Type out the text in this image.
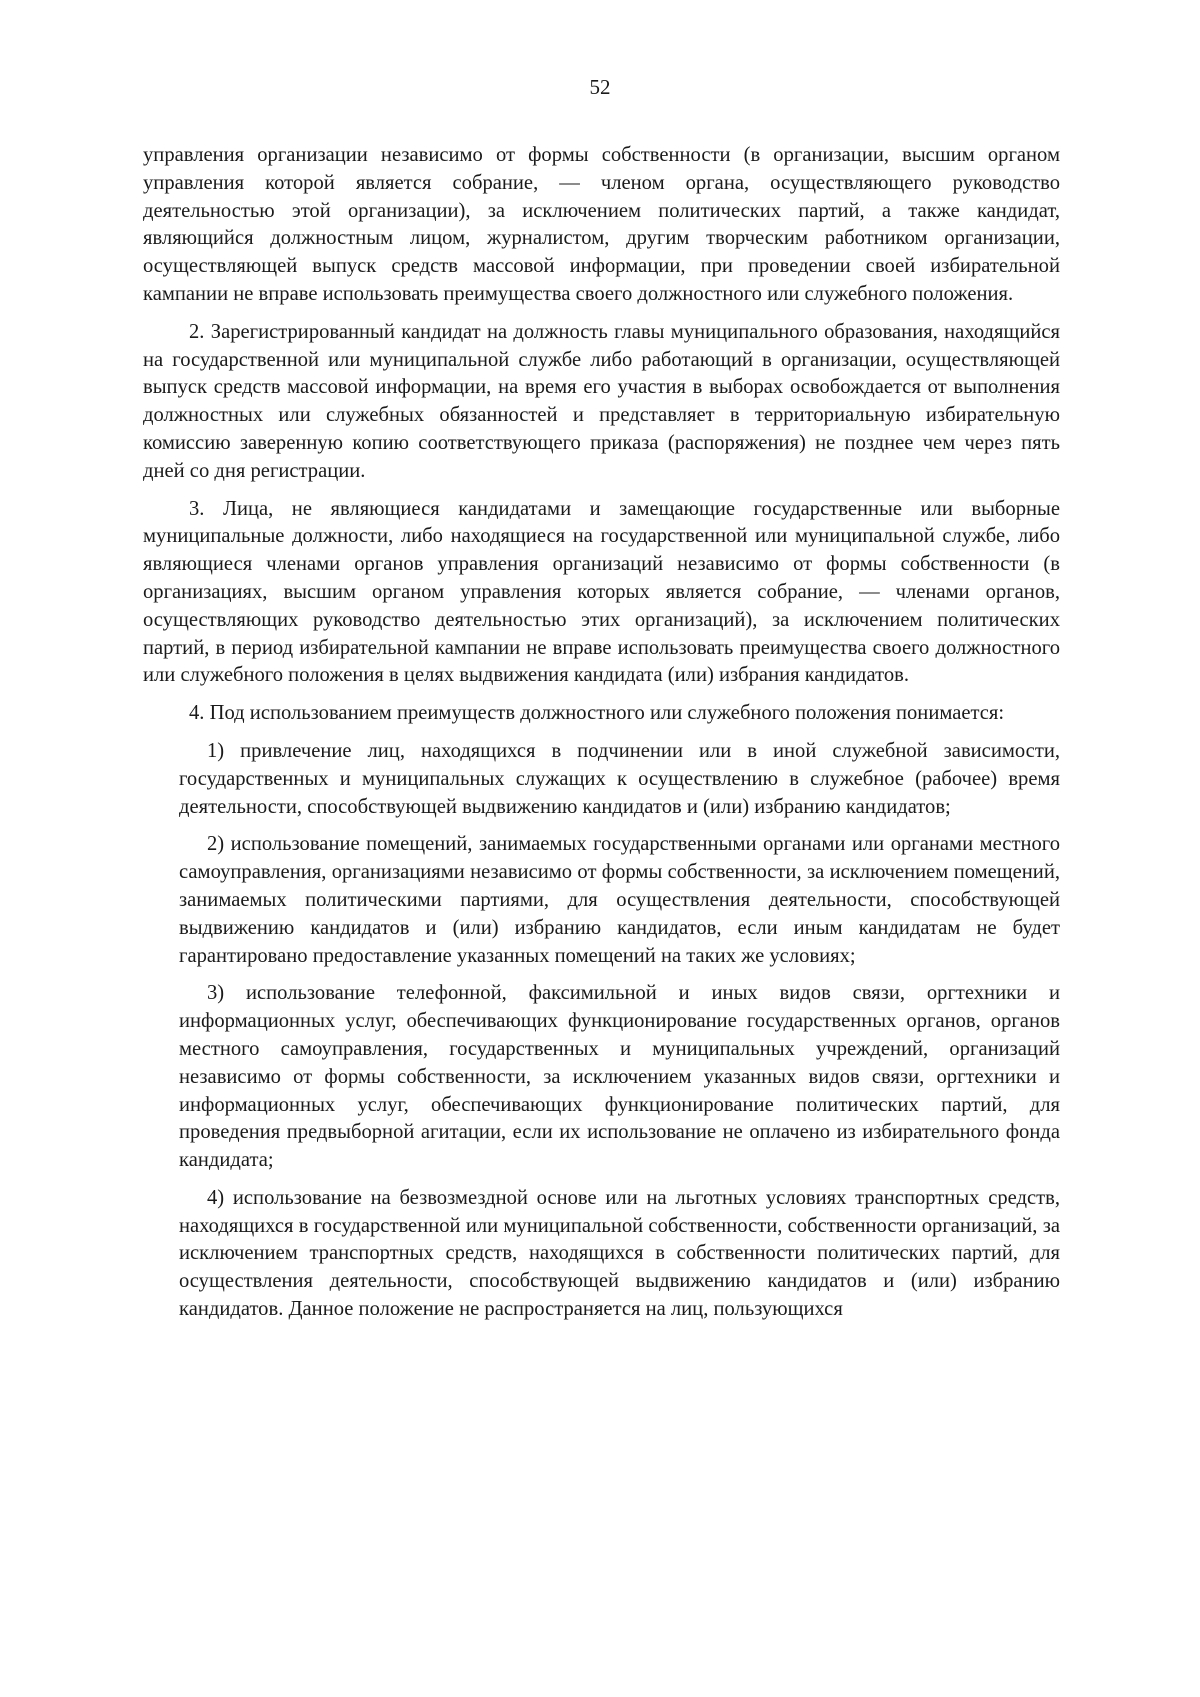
52

управления организации независимо от формы собственности (в организации, высшим органом управления которой является собрание, — членом органа, осуществляющего руководство деятельностью этой организации), за исключением политических партий, а также кандидат, являющийся должностным лицом, журналистом, другим творческим работником организации, осуществляющей выпуск средств массовой информации, при проведении своей избирательной кампании не вправе использовать преимущества своего должностного или служебного положения.

2. Зарегистрированный кандидат на должность главы муниципального образования, находящийся на государственной или муниципальной службе либо работающий в организации, осуществляющей выпуск средств массовой информации, на время его участия в выборах освобождается от выполнения должностных или служебных обязанностей и представляет в территориальную избирательную комиссию заверенную копию соответствующего приказа (распоряжения) не позднее чем через пять дней со дня регистрации.

3. Лица, не являющиеся кандидатами и замещающие государственные или выборные муниципальные должности, либо находящиеся на государственной или муниципальной службе, либо являющиеся членами органов управления организаций независимо от формы собственности (в организациях, высшим органом управления которых является собрание, — членами органов, осуществляющих руководство деятельностью этих организаций), за исключением политических партий, в период избирательной кампании не вправе использовать преимущества своего должностного или служебного положения в целях выдвижения кандидата (или) избрания кандидатов.

4. Под использованием преимуществ должностного или служебного положения понимается:

1) привлечение лиц, находящихся в подчинении или в иной служебной зависимости, государственных и муниципальных служащих к осуществлению в служебное (рабочее) время деятельности, способствующей выдвижению кандидатов и (или) избранию кандидатов;

2) использование помещений, занимаемых государственными органами или органами местного самоуправления, организациями независимо от формы собственности, за исключением помещений, занимаемых политическими партиями, для осуществления деятельности, способствующей выдвижению кандидатов и (или) избранию кандидатов, если иным кандидатам не будет гарантировано предоставление указанных помещений на таких же условиях;

3) использование телефонной, факсимильной и иных видов связи, оргтехники и информационных услуг, обеспечивающих функционирование государственных органов, органов местного самоуправления, государственных и муниципальных учреждений, организаций независимо от формы собственности, за исключением указанных видов связи, оргтехники и информационных услуг, обеспечивающих функционирование политических партий, для проведения предвыборной агитации, если их использование не оплачено из избирательного фонда кандидата;

4) использование на безвозмездной основе или на льготных условиях транспортных средств, находящихся в государственной или муниципальной собственности, собственности организаций, за исключением транспортных средств, находящихся в собственности политических партий, для осуществления деятельности, способствующей выдвижению кандидатов и (или) избранию кандидатов. Данное положение не распространяется на лиц, пользующихся
